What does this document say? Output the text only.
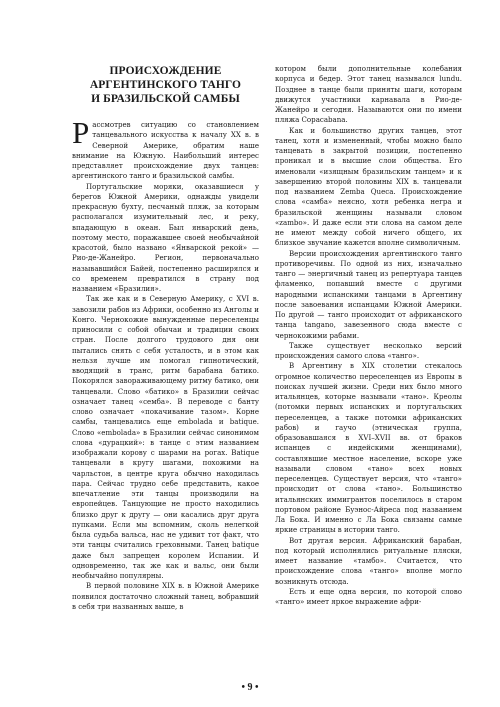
ПРОИСХОЖДЕНИЕ
АРГЕНТИНСКОГО ТАНГО
И БРАЗИЛЬСКОЙ САМБЫ
Р ассмотрев ситуацию со становлением танцевального искусства к началу XX в. в Северной Америке, обратим наше внимание на Южную. Наибольший интерес представляет происхождение двух танцев: аргентинского танго и бразильской самбы.

Португальские моряки, оказавшиеся у берегов Южной Америки, однажды увидели прекрасную бухту, песчаный пляж, за которым располагался изумительный лес, и реку, впадающую в океан. Был январский день, поэтому место, поражавшее своей необычайной красотой, было названо «Январской рекой» — Рио-де-Жанейро. Регион, первоначально называвшийся Байей, постепенно расширялся и со временем превратился в страну под названием «Бразилия».

Так же как и в Северную Америку, с XVI в. завозили рабов из Африки, особенно из Анголы и Конго. Чернокожие вынужденные переселенцы приносили с собой обычаи и традиции своих стран. После долгого трудового дня они пытались снять с себя усталость, и в этом как нельзя лучше им помогал гипнотический, вводящий в транс, ритм барабана батико. Покорялся завораживающему ритму батико, они танцевали. Слово «батико» в Бразилии сейчас означает танец «семба». В переводе с банту слово означает «покачивание тазом». Корне самбы, танцевались еще embolada и batique. Слово «embolada» в Бразилии сейчас синонимом слова «дурацкий»: в танце с этим названием изображали корову с шарами на рогах. Batique танцевали в кругу шагами, похожими на чарльстон, в центре круга обычно находилась пара. Сейчас трудно себе представить, какое впечатление эти танцы производили на европейцев. Танцующие не просто находились близко друг к другу — они касались друг друга пупками. Если мы вспомним, сколь нелегкой была судьба вальса, нас не удивит тот факт, что эти танцы считались греховными. Танец batique даже был запрещен королем Испании. И одновременно, так же как и вальс, они были необычайно популярны.

В первой половине XIX в. в Южной Америке появился достаточно сложный танец, вобравший в себя три названных выше, в

котором были дополнительные колебания корпуса и бедер. Этот танец назывался lundu. Позднее в танце были приняты шаги, которым движутся участники карнавала в Рио-де-Жанейро и сегодня. Называются они по имени пляжа Copacabana.

Как и большинство других танцев, этот танец, хотя и измененный, чтобы можно было танцевать в закрытой позиции, постепенно проникал и в высшие слои общества. Его именовали «изящным бразильским танцем» и к завершению второй половины XIX в. танцевали под названием Zemba Queca. Происхождение слова «самба» неясно, хотя ребенка негра и бразильской женщины называли словом «zambo». И даже если эти слова на самом деле не имеют между собой ничего общего, их близкое звучание кажется вполне символичным.

Версии происхождения аргентинского танго противоречивы. По одной из них, изначально танго — энергичный танец из репертуара танцев фламенко, попавший вместе с другими народными испанскими танцами в Аргентину после завоевания испанцами Южной Америки. По другой — танго происходит от африканского танца tangano, завезенного сюда вместе с чернокожими рабами.

Также существует несколько версий происхождения самого слова «танго».

В Аргентину в XIX столетии стекалось огромное количество переселенцев из Европы в поисках лучшей жизни. Среди них было много итальянцев, которые называли «тано». Креолы (потомки первых испанских и португальских переселенцев, а также потомки африканских рабов) и гаучо (этническая группа, образовавшаяся в XVI–XVII вв. от браков испанцев с индейскими женщинами), составлявшие местное население, вскоре уже называли словом «тано» всех новых переселенцев. Существует версия, что «танго» происходит от слова «тано». Большинство итальянских иммигрантов поселилось в старом портовом районе Буэнос-Айреса под названием Ла Бока. И именно с Ла Бока связаны самые яркие страницы в истории танго.

Вот другая версия. Африканский барабан, под который исполнялись ритуальные пляски, имеет название «тамбо». Считается, что происхождение слова «танго» вполне могло возникнуть отсюда.

Есть и еще одна версия, по которой слово «танго» имеет яркое выражение афри-

• 9 •
